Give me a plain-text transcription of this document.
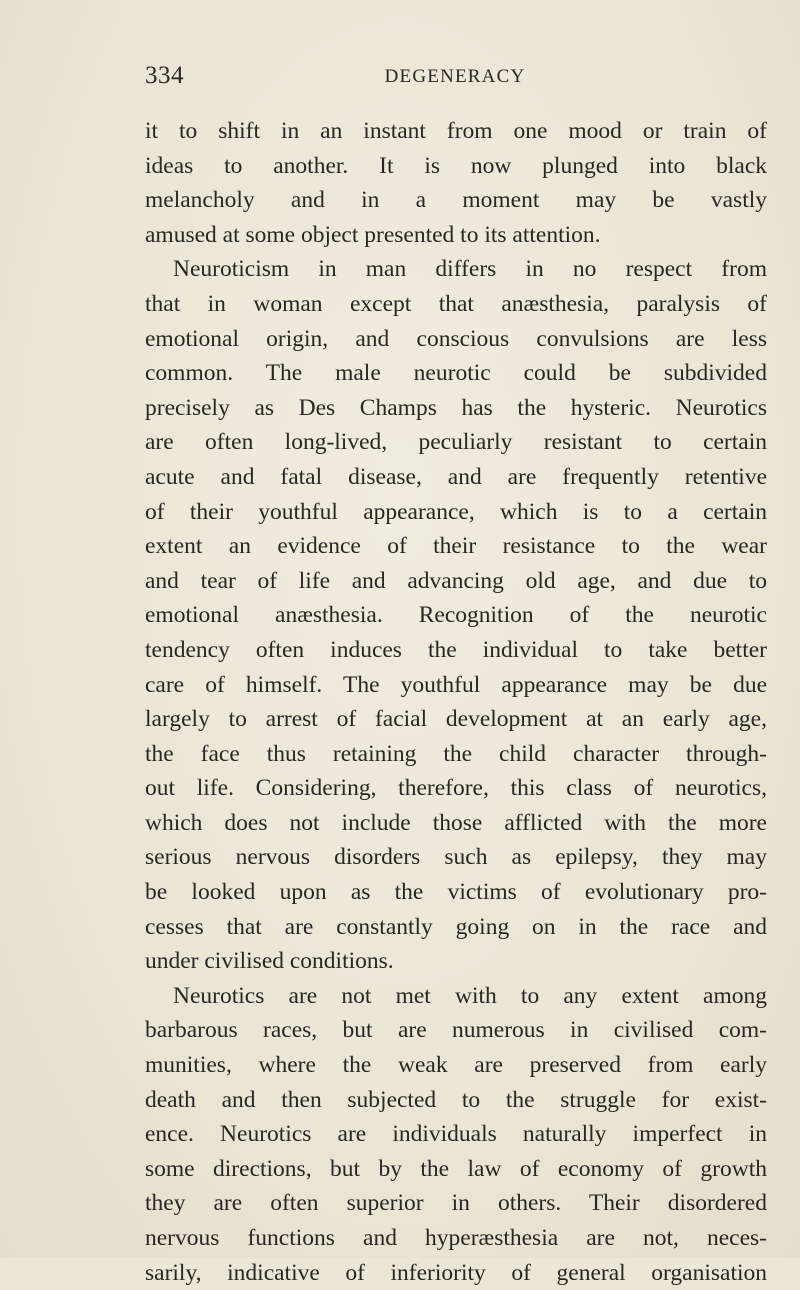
334	DEGENERACY
it to shift in an instant from one mood or train of
ideas to another. It is now plunged into black
melancholy and in a moment may be vastly
amused at some object presented to its attention.
Neuroticism in man differs in no respect from
that in woman except that anæsthesia, paralysis of
emotional origin, and conscious convulsions are less
common. The male neurotic could be subdivided
precisely as Des Champs has the hysteric. Neurotics
are often long-lived, peculiarly resistant to certain
acute and fatal disease, and are frequently retentive
of their youthful appearance, which is to a certain
extent an evidence of their resistance to the wear
and tear of life and advancing old age, and due to
emotional anæsthesia. Recognition of the neurotic
tendency often induces the individual to take better
care of himself. The youthful appearance may be due
largely to arrest of facial development at an early age,
the face thus retaining the child character through-
out life. Considering, therefore, this class of neurotics,
which does not include those afflicted with the more
serious nervous disorders such as epilepsy, they may
be looked upon as the victims of evolutionary pro-
cesses that are constantly going on in the race and
under civilised conditions.
Neurotics are not met with to any extent among
barbarous races, but are numerous in civilised com-
munities, where the weak are preserved from early
death and then subjected to the struggle for exist-
ence. Neurotics are individuals naturally imperfect in
some directions, but by the law of economy of growth
they are often superior in others. Their disordered
nervous functions and hyperæsthesia are not, neces-
sarily, indicative of inferiority of general organisation
